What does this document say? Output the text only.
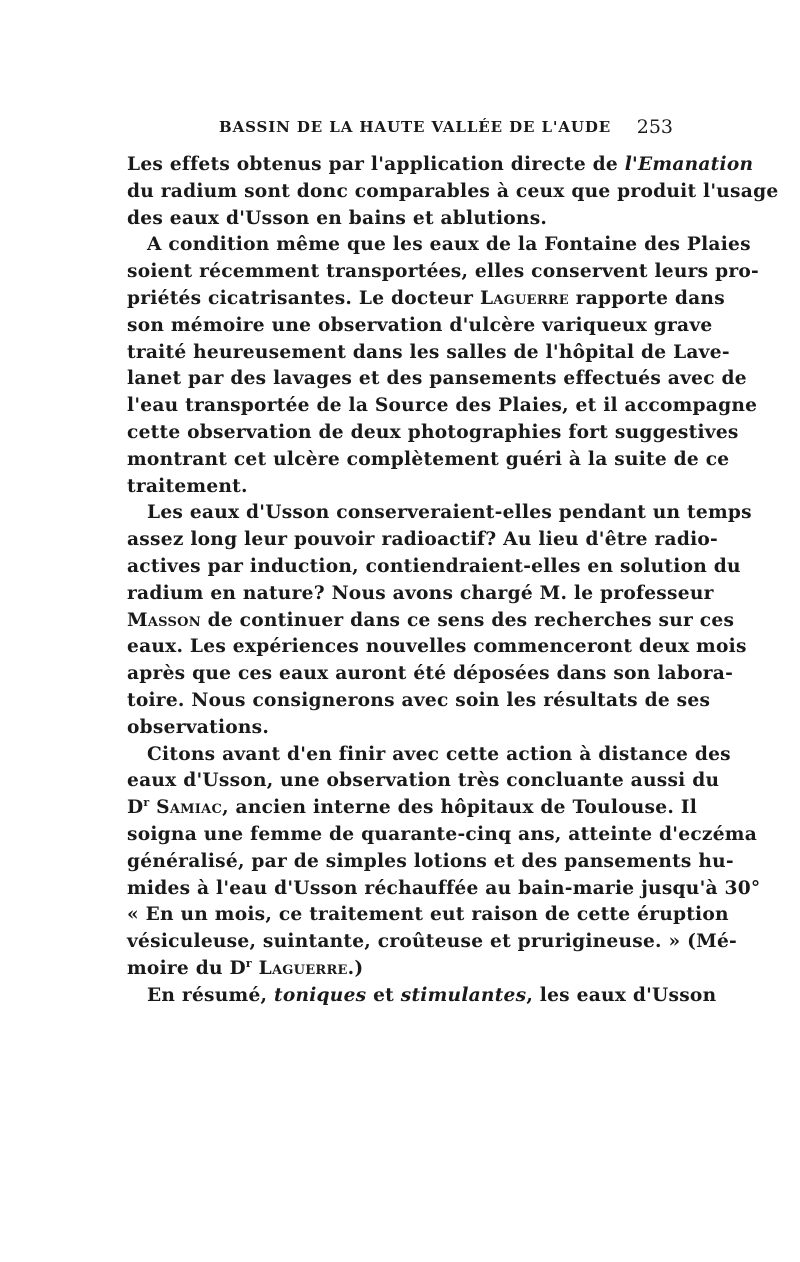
BASSIN DE LA HAUTE VALLÉE DE L'AUDE 253
Les effets obtenus par l'application directe de l'Emanation
du radium sont donc comparables à ceux que produit l'usage
des eaux d'Usson en bains et ablutions.
A condition même que les eaux de la Fontaine des Plaies
soient récemment transportées, elles conservent leurs pro-
priétés cicatrisantes. Le docteur Laguerre rapporte dans
son mémoire une observation d'ulcère variqueux grave
traité heureusement dans les salles de l'hôpital de Lave-
lanet par des lavages et des pansements effectués avec de
l'eau transportée de la Source des Plaies, et il accompagne
cette observation de deux photographies fort suggestives
montrant cet ulcère complètement guéri à la suite de ce
traitement.
Les eaux d'Usson conserveraient-elles pendant un temps
assez long leur pouvoir radioactif? Au lieu d'être radio-
actives par induction, contiendraient-elles en solution du
radium en nature? Nous avons chargé M. le professeur
Masson de continuer dans ce sens des recherches sur ces
eaux. Les expériences nouvelles commenceront deux mois
après que ces eaux auront été déposées dans son labora-
toire. Nous consignerons avec soin les résultats de ses
observations.
Citons avant d'en finir avec cette action à distance des
eaux d'Usson, une observation très concluante aussi du
$D^r$ Samiac, ancien interne des hôpitaux de Toulouse. Il
soigna une femme de quarante-cinq ans, atteinte d'eczéma
généralisé, par de simples lotions et des pansements hu-
mides à l'eau d'Usson réchauffée au bain-marie jusqu'à 30°
« En un mois, ce traitement eut raison de cette éruption
vésiculeuse, suintante, croûteuse et prurigineuse. » (Mé-
moire du $D^r$ Laguerre.)
En résumé, toniques et stimulantes, les eaux d'Usson
